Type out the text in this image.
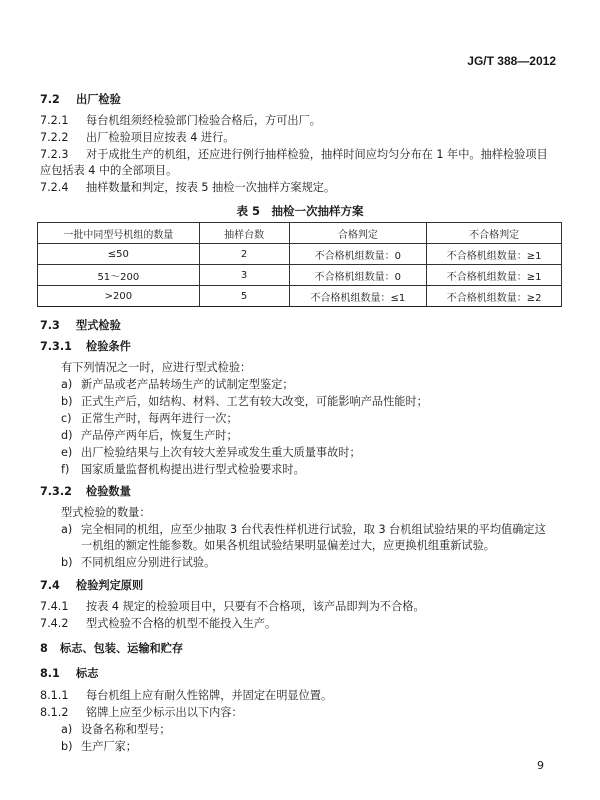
JG/T 388—2012
7.2 出厂检验
7.2.1 每台机组须经检验部门检验合格后，方可出厂。
7.2.2 出厂检验项目应按表 4 进行。
7.2.3 对于成批生产的机组，还应进行例行抽样检验，抽样时间应均匀分布在 1 年中。抽样检验项目
应包括表 4 中的全部项目。
7.2.4 抽样数量和判定，按表 5 抽检一次抽样方案规定。
表 5　抽检一次抽样方案
一批中同型号机组的数量	抽样台数	合格判定	不合格判定
≤50	2	不合格机组数量：0	不合格机组数量：≥1
51～200	3	不合格机组数量：0	不合格机组数量：≥1
>200	5	不合格机组数量：≤1	不合格机组数量：≥2
7.3 型式检验
7.3.1 检验条件
有下列情况之一时，应进行型式检验：
a) 新产品或老产品转场生产的试制定型鉴定；
b) 正式生产后，如结构、材料、工艺有较大改变，可能影响产品性能时；
c) 正常生产时，每两年进行一次；
d) 产品停产两年后，恢复生产时；
e) 出厂检验结果与上次有较大差异或发生重大质量事故时；
f) 国家质量监督机构提出进行型式检验要求时。
7.3.2 检验数量
型式检验的数量：
a) 完全相同的机组，应至少抽取 3 台代表性样机进行试验，取 3 台机组试验结果的平均值确定这
一机组的额定性能参数。如果各机组试验结果明显偏差过大，应更换机组重新试验。
b) 不同机组应分别进行试验。
7.4 检验判定原则
7.4.1 按表 4 规定的检验项目中，只要有不合格项，该产品即判为不合格。
7.4.2 型式检验不合格的机型不能投入生产。
8 标志、包装、运输和贮存
8.1 标志
8.1.1 每台机组上应有耐久性铭牌，并固定在明显位置。
8.1.2 铭牌上应至少标示出以下内容：
a) 设备名称和型号；
b) 生产厂家；
9
